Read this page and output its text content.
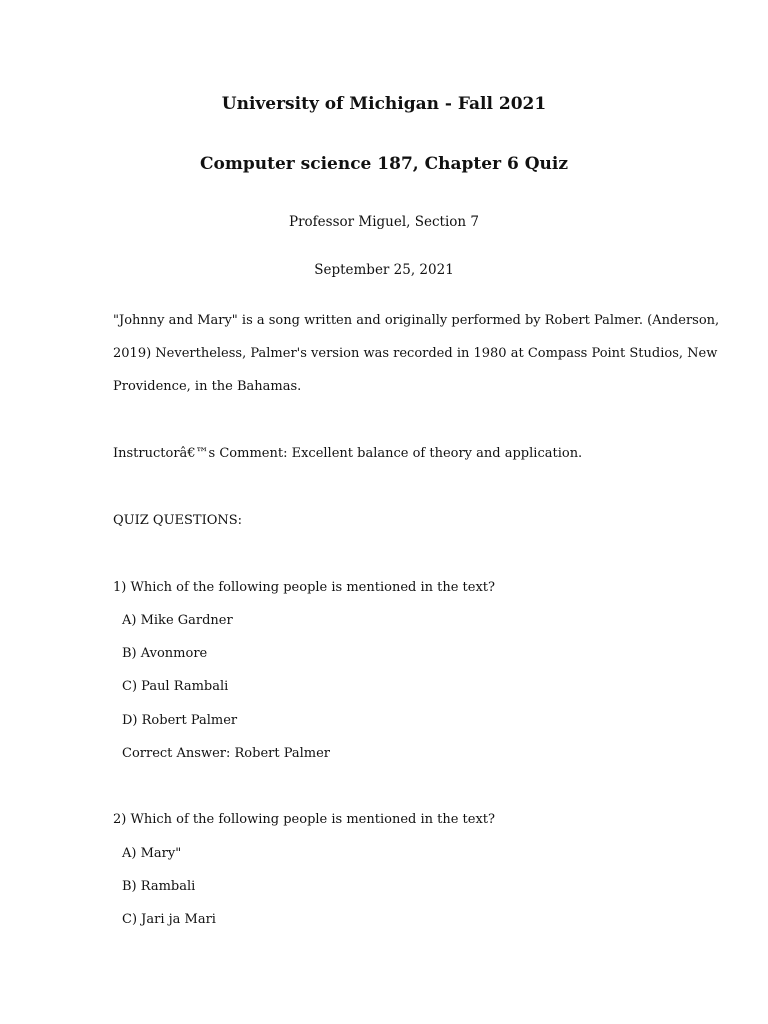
University of Michigan - Fall 2021
Computer science 187, Chapter 6 Quiz
Professor Miguel, Section 7
September 25, 2021
"Johnny and Mary" is a song written and originally performed by Robert Palmer. (Anderson,
2019) Nevertheless, Palmer's version was recorded in 1980 at Compass Point Studios, New
Providence, in the Bahamas.
Instructorâ€™s Comment: Excellent balance of theory and application.
QUIZ QUESTIONS:
1) Which of the following people is mentioned in the text?
A) Mike Gardner
B) Avonmore
C) Paul Rambali
D) Robert Palmer
Correct Answer: Robert Palmer
2) Which of the following people is mentioned in the text?
A) Mary"
B) Rambali
C) Jari ja Mari
